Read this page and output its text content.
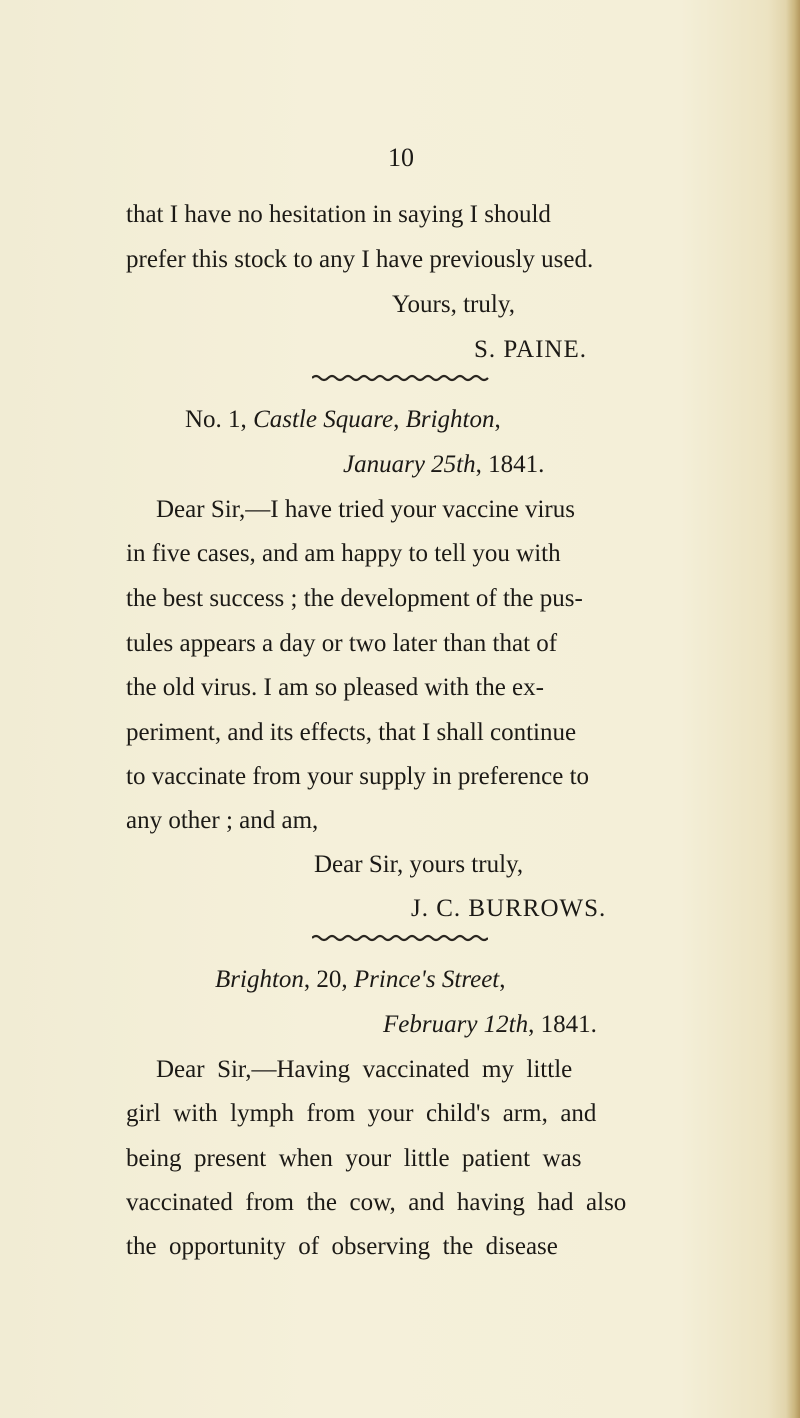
10
that I have no hesitation in saying I should
prefer this stock to any I have previously used.
Yours, truly,
S. PAINE.
No. 1, Castle Square, Brighton,
January 25th, 1841.
Dear Sir,—I have tried your vaccine virus
in five cases, and am happy to tell you with
the best success ; the development of the pus-
tules appears a day or two later than that of
the old virus. I am so pleased with the ex-
periment, and its effects, that I shall continue
to vaccinate from your supply in preference to
any other ; and am,
Dear Sir, yours truly,
J. C. BURROWS.
Brighton, 20, Prince's Street,
February 12th, 1841.
Dear  Sir,—Having  vaccinated  my  little
girl  with  lymph  from  your  child's  arm,  and
being  present  when  your  little  patient  was
vaccinated  from  the  cow,  and  having  had  also
the  opportunity  of  observing  the  disease
